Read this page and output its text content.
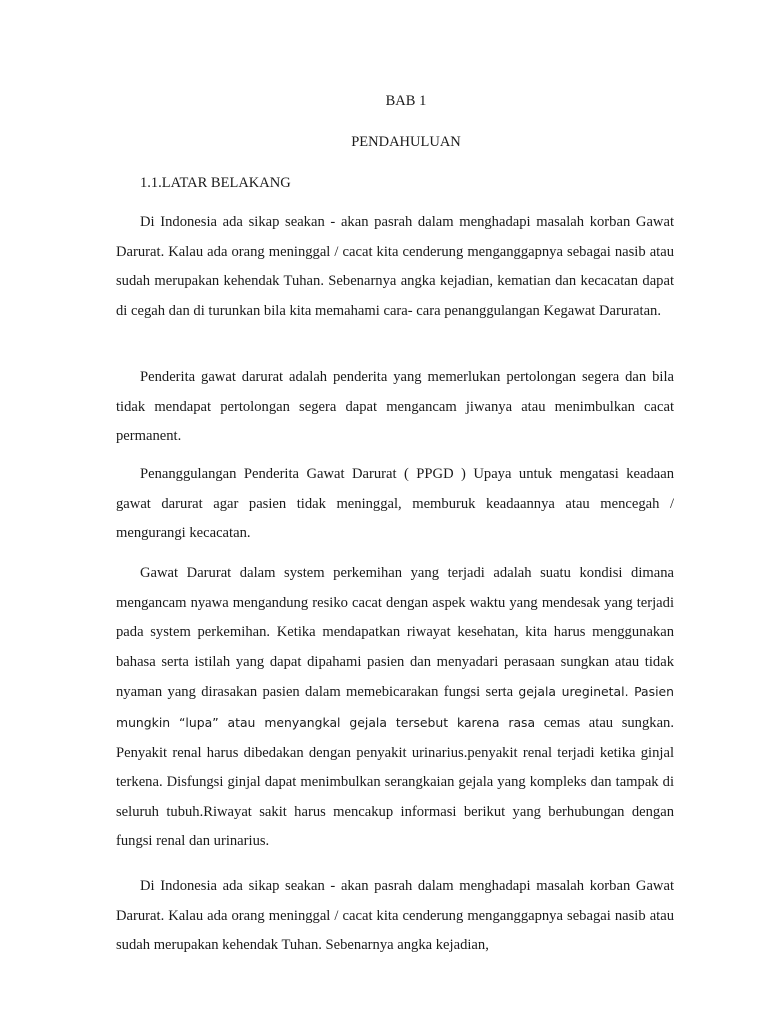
BAB 1
PENDAHULUAN
1.1.LATAR BELAKANG

Di Indonesia ada sikap seakan - akan pasrah dalam menghadapi masalah korban Gawat Darurat. Kalau ada orang meninggal / cacat kita cenderung menganggapnya sebagai nasib atau sudah merupakan kehendak Tuhan. Sebenarnya angka kejadian, kematian dan kecacatan dapat di cegah dan di turunkan bila kita memahami cara- cara penanggulangan Kegawat Daruratan.

Penderita gawat darurat adalah penderita yang memerlukan pertolongan segera dan bila tidak mendapat pertolongan segera dapat mengancam jiwanya atau menimbulkan cacat permanent.

Penanggulangan Penderita Gawat Darurat ( PPGD ) Upaya untuk mengatasi keadaan gawat darurat agar pasien tidak meninggal, memburuk keadaannya atau mencegah / mengurangi kecacatan.

Gawat Darurat dalam system perkemihan yang terjadi adalah suatu kondisi dimana mengancam nyawa mengandung resiko cacat dengan aspek waktu yang mendesak yang terjadi pada system perkemihan. Ketika mendapatkan riwayat kesehatan, kita harus menggunakan bahasa serta istilah yang dapat dipahami pasien dan menyadari perasaan sungkan atau tidak nyaman yang dirasakan pasien dalam memebicarakan fungsi serta gejala ureginetal. Pasien mungkin “lupa” atau menyangkal gejala tersebut karena rasa cemas atau sungkan. Penyakit renal harus dibedakan dengan penyakit urinarius.penyakit renal terjadi ketika ginjal terkena. Disfungsi ginjal dapat menimbulkan serangkaian gejala yang kompleks dan tampak di seluruh tubuh.Riwayat sakit harus mencakup informasi berikut yang berhubungan dengan fungsi renal dan urinarius.

Di Indonesia ada sikap seakan - akan pasrah dalam menghadapi masalah korban Gawat Darurat. Kalau ada orang meninggal / cacat kita cenderung menganggapnya sebagai nasib atau sudah merupakan kehendak Tuhan. Sebenarnya angka kejadian,
